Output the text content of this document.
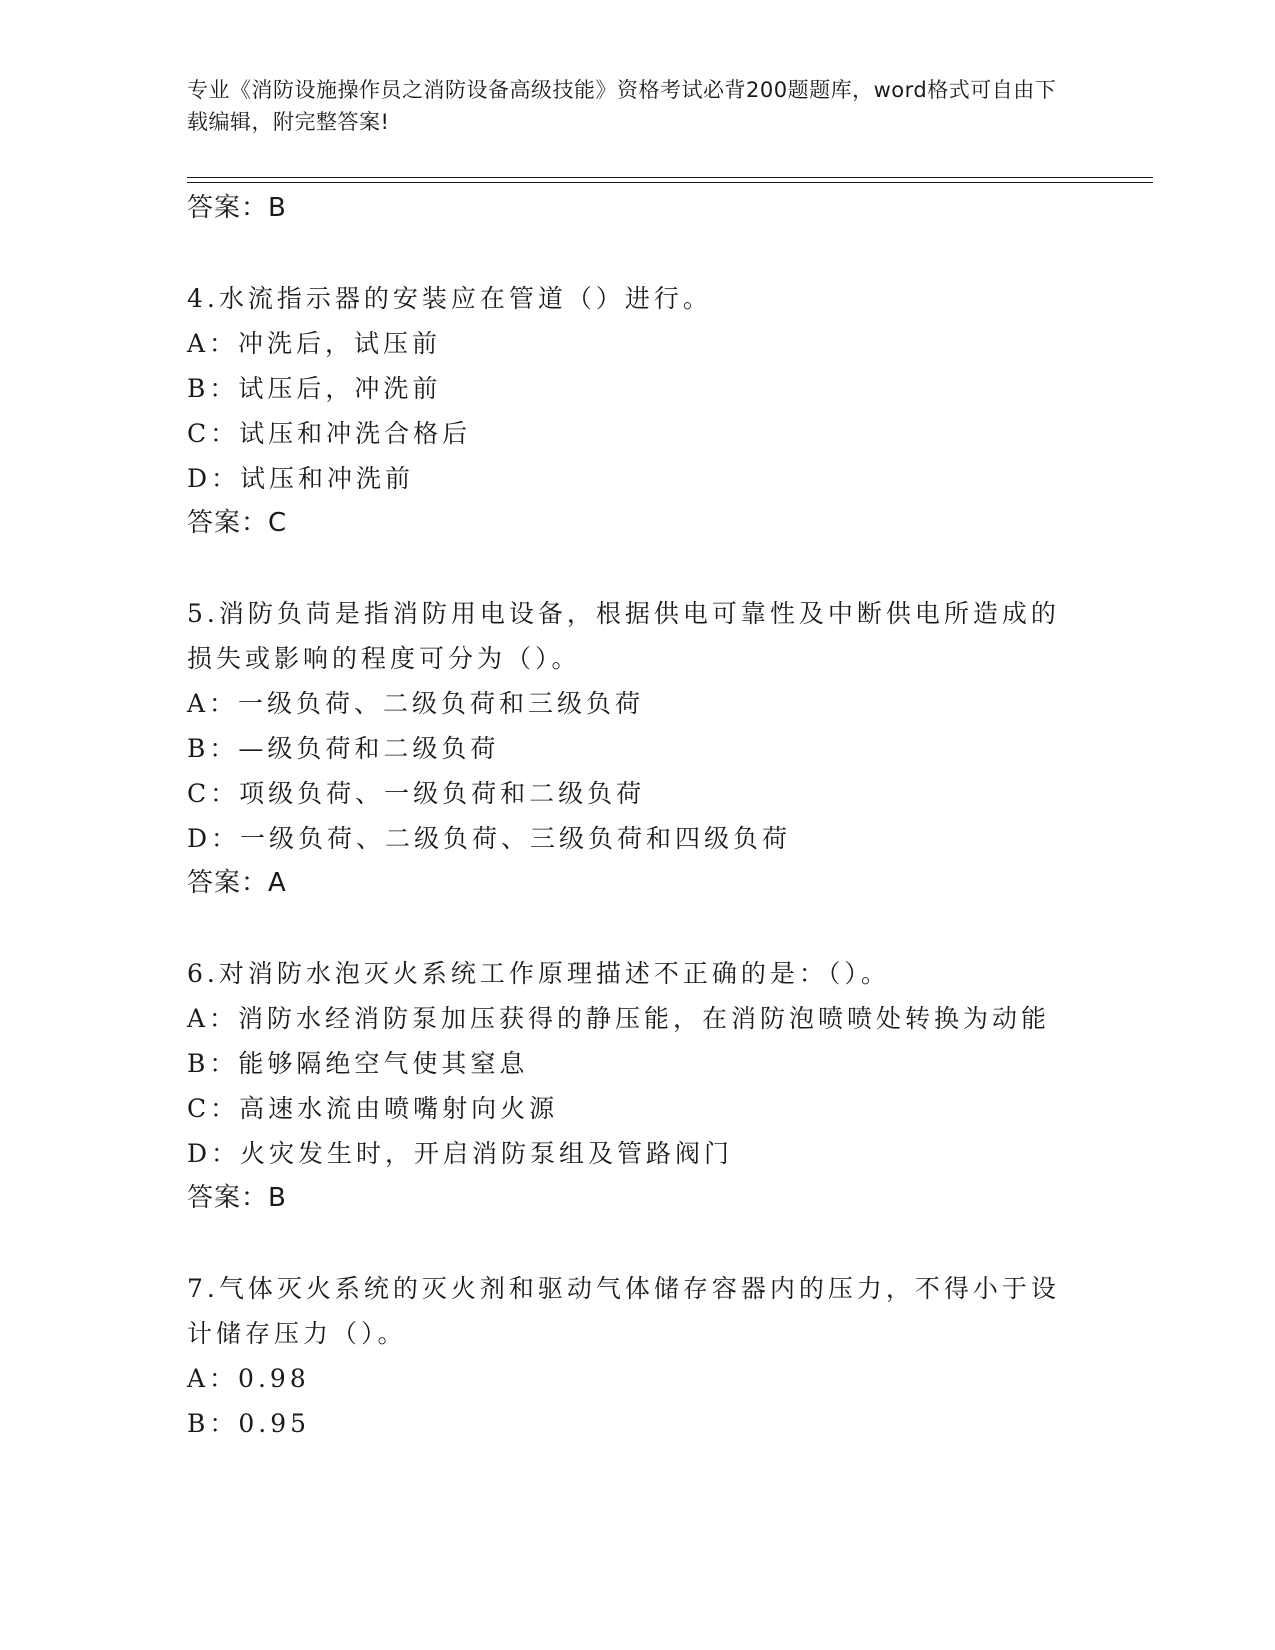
专业《消防设施操作员之消防设备高级技能》资格考试必背200题题库，word格式可自由下载编辑，附完整答案!
答案：B
4.水流指示器的安装应在管道（）进行。
A：冲洗后，试压前
B：试压后，冲洗前
C：试压和冲洗合格后
D：试压和冲洗前
答案：C
5.消防负苘是指消防用电设备，根据供电可靠性及中断供电所造成的
损失或影响的程度可分为（）。
A：一级负荷、二级负荷和三级负荷
B：—级负荷和二级负荷
C：项级负荷、一级负荷和二级负荷
D：一级负荷、二级负荷、三级负荷和四级负荷
答案：A
6.对消防水泡灭火系统工作原理描述不正确的是：（）。
A：消防水经消防泵加压获得的静压能，在消防泡喷喷处转换为动能
B：能够隔绝空气使其窒息
C：高速水流由喷嘴射向火源
D：火灾发生时，开启消防泵组及管路阀门
答案：B
7.气体灭火系统的灭火剂和驱动气体储存容器内的压力，不得小于设
计储存压力（）。
A：0.98
B：0.95
